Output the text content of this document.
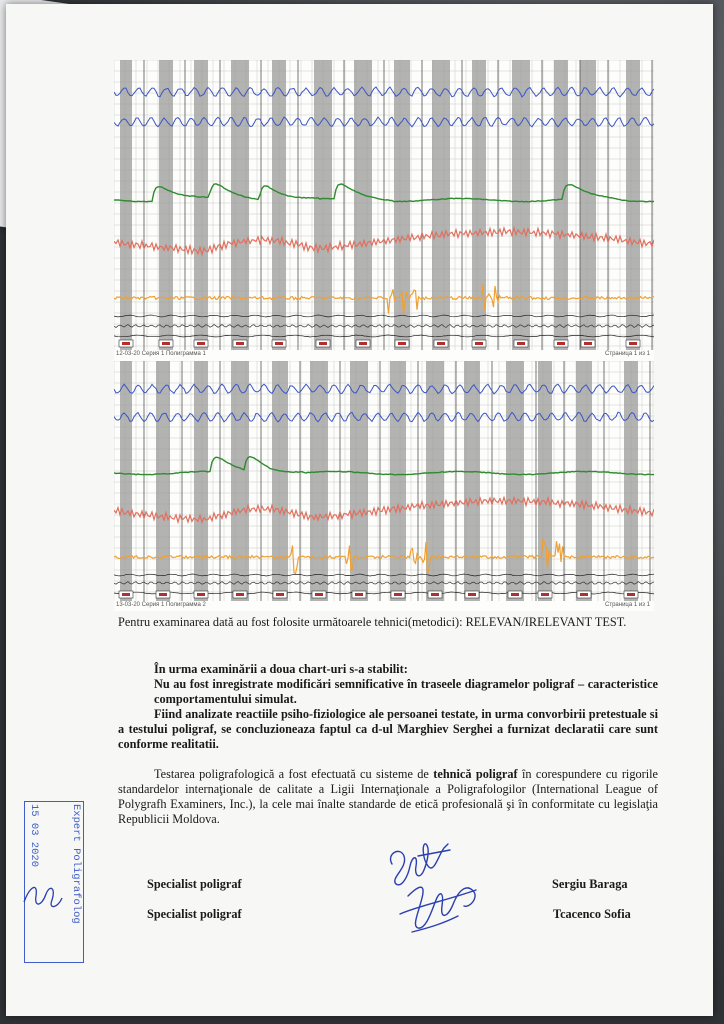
12-03-20 Серия 1 Полиграмма 1	Страница 1 из 1
13-03-20 Серия 1 Полиграмма 2	Страница 1 из 1
Pentru examinarea dată au fost folosite următoarele tehnici(metodici): RELEVAN/IRELEVANT TEST.
În urma examinării a doua chart-uri s-a stabilit:
Nu au fost inregistrate modificări semnificative în traseele diagramelor poligraf – caracteristice comportamentului simulat.
Fiind analizate reactiile psiho-fiziologice ale persoanei testate, in urma convorbirii pretestuale si a testului poligraf, se concluzioneaza faptul ca d-ul Marghiev Serghei a furnizat declaratii care sunt conforme realitatii.
Testarea poligrafologică a fost efectuată cu sisteme de tehnică poligraf în corespundere cu rigorile standardelor internaţionale de calitate a Ligii Internaţionale a Poligrafologilor (International League of Polygrafh Examiners, Inc.), la cele mai înalte standarde de etică profesională şi în conformitate cu legislaţia Republicii Moldova.
Specialist poligraf
Specialist poligraf
Sergiu Baraga
Tcacenco Sofia

Expert Poligrafolog

15 03 2020
